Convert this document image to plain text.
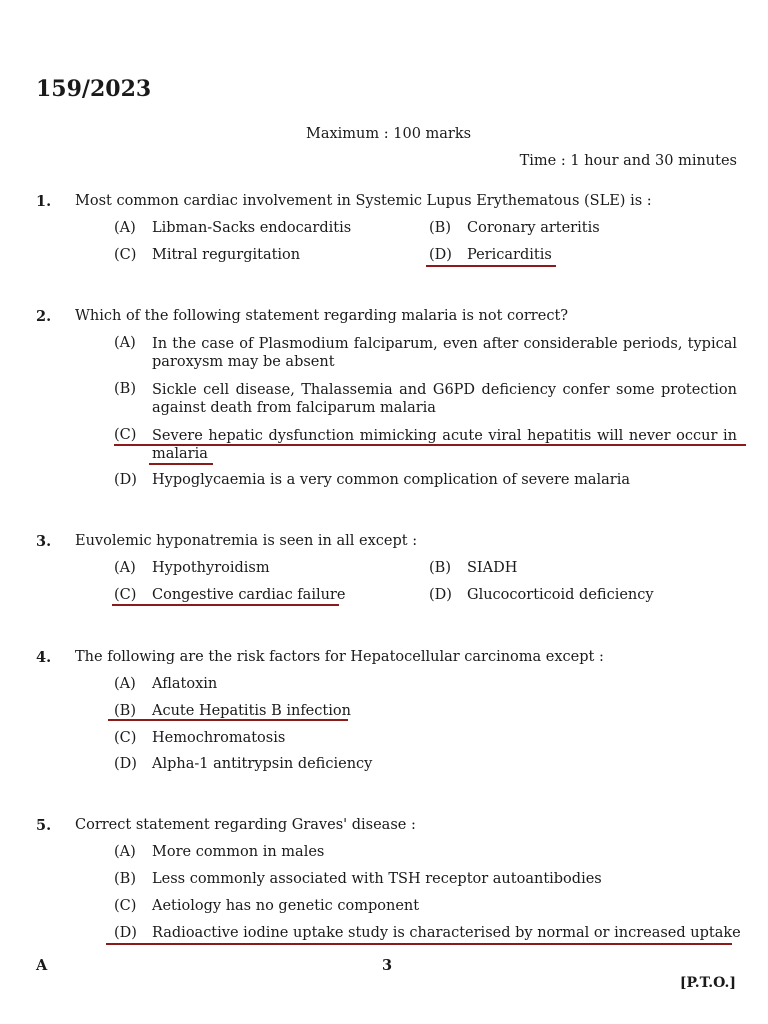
159/2023
Maximum : 100 marks
Time : 1 hour and 30 minutes
1. Most common cardiac involvement in Systemic Lupus Erythematous (SLE) is :
(A)	Libman-Sacks endocarditis	(B)	Coronary arteritis
(C)	Mitral regurgitation	(D)	Pericarditis
2. Which of the following statement regarding malaria is not correct?
(A)	In the case of Plasmodium falciparum, even after considerable periods, typical paroxysm may be absent
(B)	Sickle cell disease, Thalassemia and G6PD deficiency confer some protection against death from falciparum malaria
(C)	Severe hepatic dysfunction mimicking acute viral hepatitis will never occur in malaria
(D)	Hypoglycaemia is a very common complication of severe malaria
3. Euvolemic hyponatremia is seen in all except :
(A)	Hypothyroidism	(B)	SIADH
(C)	Congestive cardiac failure	(D)	Glucocorticoid deficiency
4. The following are the risk factors for Hepatocellular carcinoma except :
(A)	Aflatoxin
(B)	Acute Hepatitis B infection
(C)	Hemochromatosis
(D)	Alpha-1 antitrypsin deficiency
5. Correct statement regarding Graves' disease :
(A)	More common in males
(B)	Less commonly associated with TSH receptor autoantibodies
(C)	Aetiology has no genetic component
(D)	Radioactive iodine uptake study is characterised by normal or increased uptake
A	3
[P.T.O.]
